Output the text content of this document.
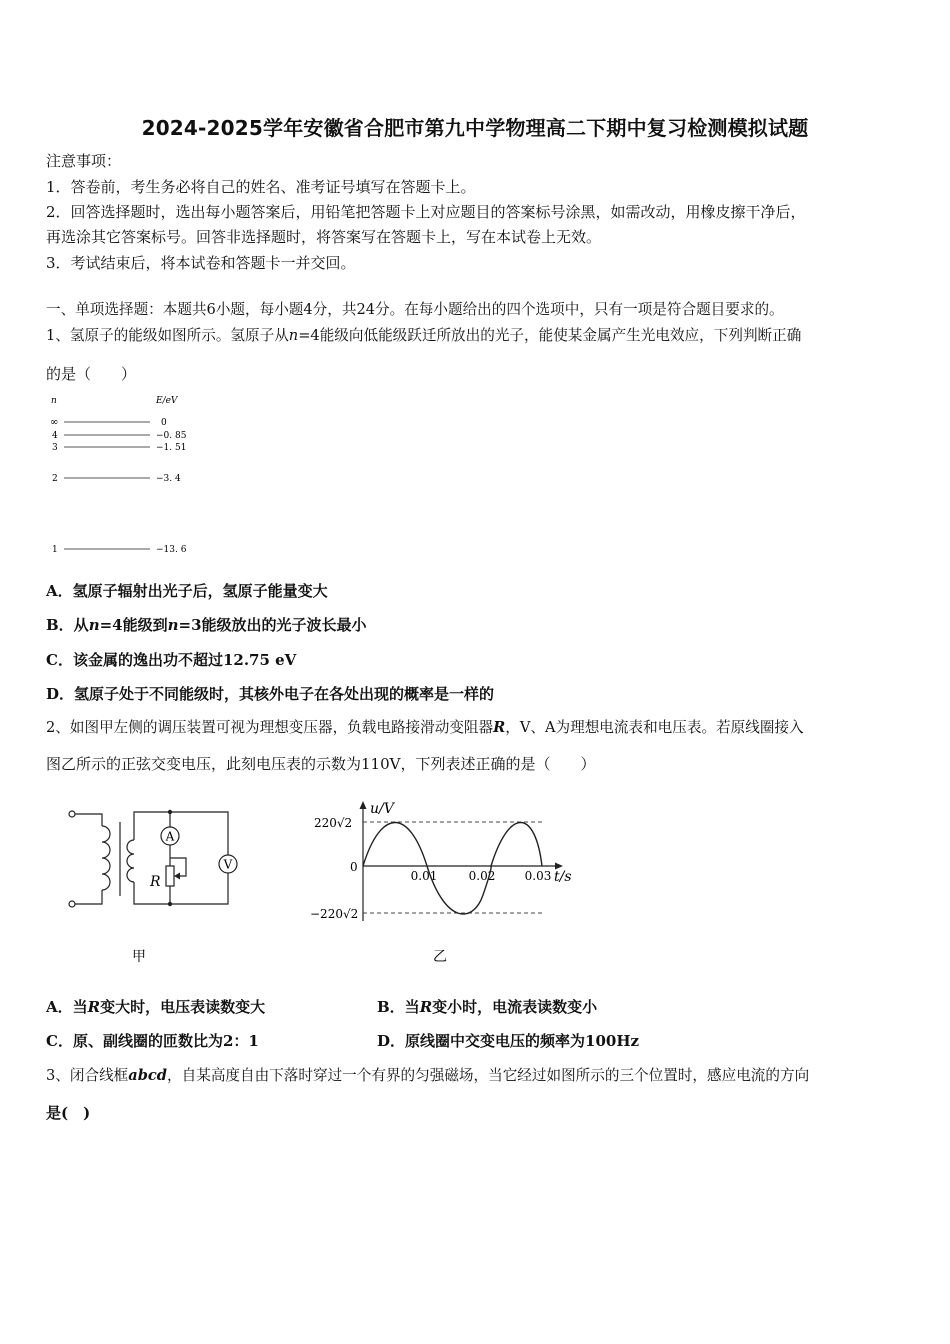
2024-2025学年安徽省合肥市第九中学物理高二下期中复习检测模拟试题
注意事项：
1．答卷前，考生务必将自己的姓名、准考证号填写在答题卡上。
2．回答选择题时，选出每小题答案后，用铅笔把答题卡上对应题目的答案标号涂黑，如需改动，用橡皮擦干净后，
再选涂其它答案标号。回答非选择题时，将答案写在答题卡上，写在本试卷上无效。
3．考试结束后，将本试卷和答题卡一并交回。
一、单项选择题：本题共6小题，每小题4分，共24分。在每小题给出的四个选项中，只有一项是符合题目要求的。
1、氢原子的能级如图所示。氢原子从n=4能级向低能级跃迁所放出的光子，能使某金属产生光电效应，下列判断正确
的是（　　）
n	E/eV
∞
4
3
2
1
0
−0. 85
−1. 51
−3. 4
−13. 6
A．氢原子辐射出光子后，氢原子能量变大
B．从n=4能级到n=3能级放出的光子波长最小
C．该金属的逸出功不超过12.75 eV
D．氢原子处于不同能级时，其核外电子在各处出现的概率是一样的
2、如图甲左侧的调压装置可视为理想变压器，负载电路接滑动变阻器R，V、A为理想电流表和电压表。若原线圈接入
图乙所示的正弦交变电压，此刻电压表的示数为110V，下列表述正确的是（　　）
A
R
V
甲
u/V
t/s
220√2
−220√2
0
0.01	0.02 0.03
乙
A．当R变大时，电压表读数变大	B．当R变小时，电流表读数变小
C．原、副线圈的匝数比为2：1	D．原线圈中交变电压的频率为100Hz
3、闭合线框abcd，自某高度自由下落时穿过一个有界的匀强磁场，当它经过如图所示的三个位置时，感应电流的方向
是(　)
